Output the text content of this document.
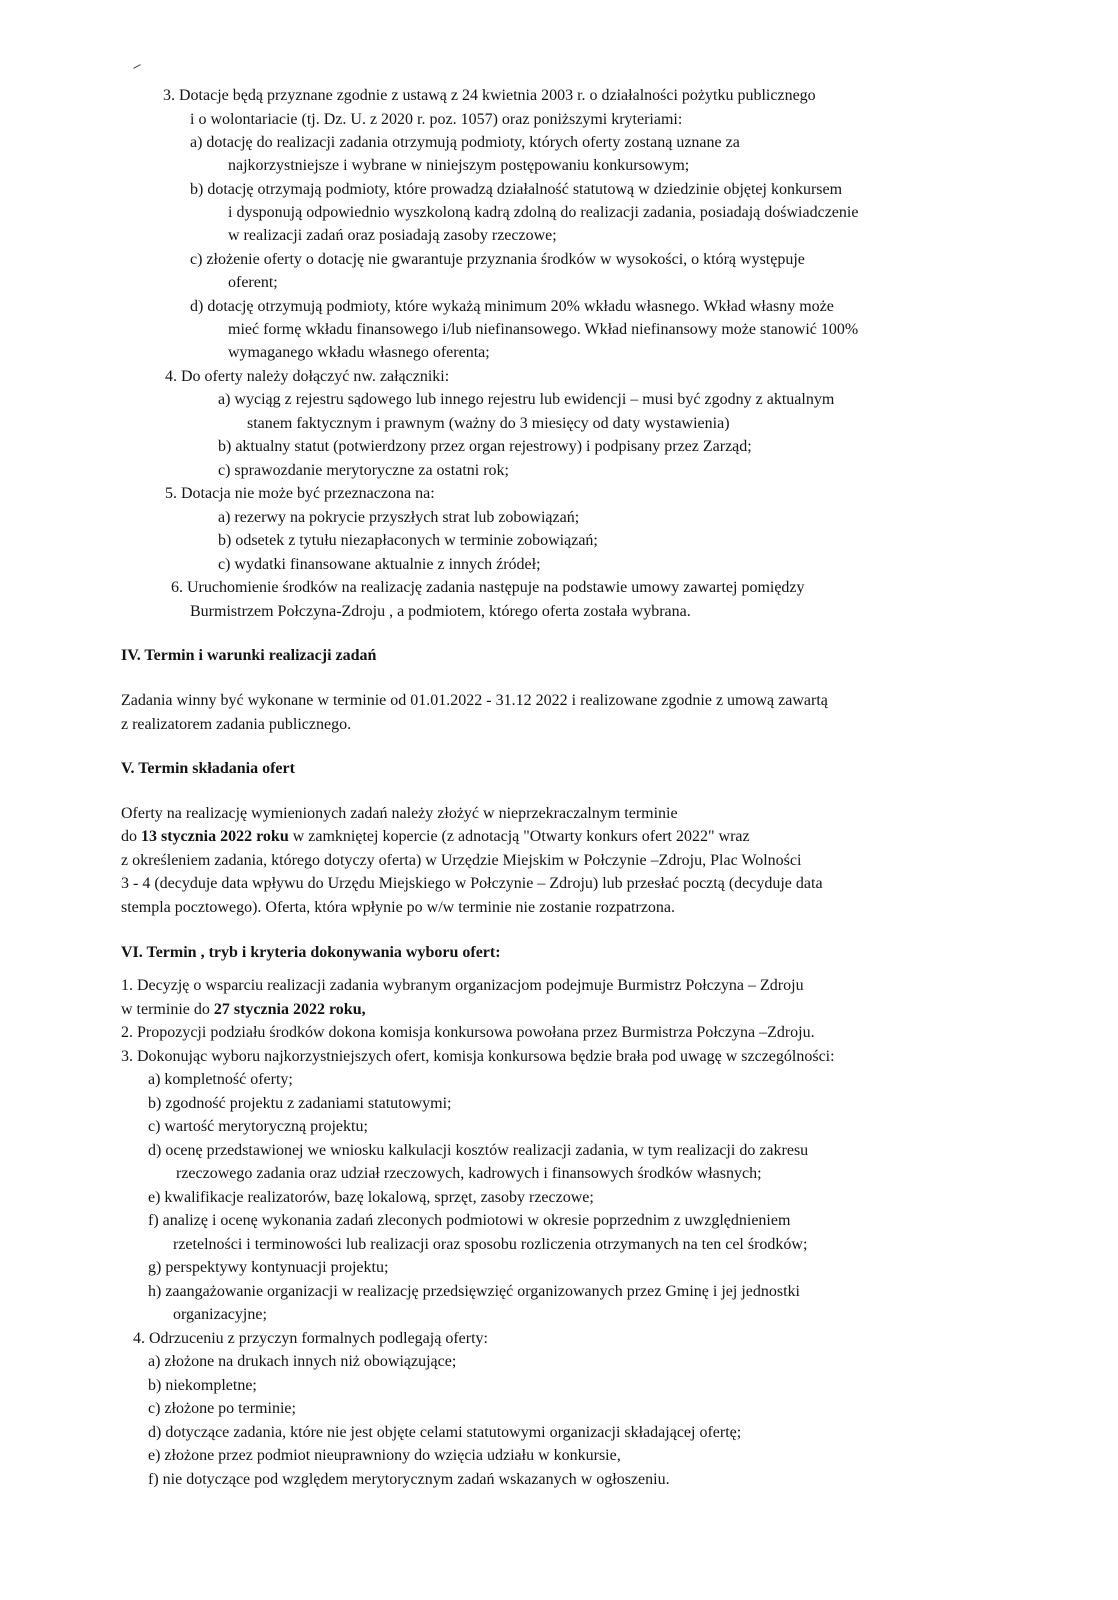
3. Dotacje będą przyznane zgodnie z ustawą z 24 kwietnia 2003 r. o działalności pożytku publicznego
i o wolontariacie (tj. Dz. U. z 2020 r. poz. 1057) oraz poniższymi kryteriami:
a) dotację do realizacji zadania otrzymują podmioty, których oferty zostaną uznane za
najkorzystniejsze i wybrane w niniejszym postępowaniu konkursowym;
b) dotację otrzymają podmioty, które prowadzą działalność statutową w dziedzinie objętej konkursem
i dysponują odpowiednio wyszkoloną kadrą zdolną do realizacji zadania, posiadają doświadczenie
w realizacji zadań oraz posiadają zasoby rzeczowe;
c) złożenie oferty o dotację nie gwarantuje przyznania środków w wysokości, o którą występuje
oferent;
d) dotację otrzymują podmioty, które wykażą minimum 20% wkładu własnego. Wkład własny może
mieć formę wkładu finansowego i/lub niefinansowego. Wkład niefinansowy może stanowić 100%
wymaganego wkładu własnego oferenta;
4. Do oferty należy dołączyć nw. załączniki:
a) wyciąg z rejestru sądowego lub innego rejestru lub ewidencji – musi być zgodny z aktualnym
stanem faktycznym i prawnym (ważny do 3 miesięcy od daty wystawienia)
b) aktualny statut (potwierdzony przez organ rejestrowy) i podpisany przez Zarząd;
c) sprawozdanie merytoryczne za ostatni rok;
5. Dotacja nie może być przeznaczona na:
a) rezerwy na pokrycie przyszłych strat lub zobowiązań;
b) odsetek z tytułu niezapłaconych w terminie zobowiązań;
c) wydatki finansowane aktualnie z innych źródeł;
6. Uruchomienie środków na realizację zadania następuje na podstawie umowy zawartej pomiędzy
Burmistrzem Połczyna-Zdroju , a podmiotem, którego oferta została wybrana.
IV. Termin i warunki realizacji zadań
Zadania winny być wykonane w terminie od 01.01.2022 - 31.12 2022 i realizowane zgodnie z umową zawartą
z realizatorem zadania publicznego.
V. Termin składania ofert
Oferty na realizację wymienionych zadań należy złożyć w nieprzekraczalnym terminie
do 13 stycznia 2022 roku w zamkniętej kopercie (z adnotacją "Otwarty konkurs ofert 2022" wraz
z określeniem zadania, którego dotyczy oferta) w Urzędzie Miejskim w Połczynie –Zdroju, Plac Wolności
3 - 4 (decyduje data wpływu do Urzędu Miejskiego w Połczynie – Zdroju) lub przesłać pocztą (decyduje data
stempla pocztowego). Oferta, która wpłynie po w/w terminie nie zostanie rozpatrzona.
VI. Termin , tryb i kryteria dokonywania wyboru ofert:
1. Decyzję o wsparciu realizacji zadania wybranym organizacjom podejmuje Burmistrz Połczyna – Zdroju
w terminie do 27 stycznia 2022 roku,
2. Propozycji podziału środków dokona komisja konkursowa powołana przez Burmistrza Połczyna –Zdroju.
3. Dokonując wyboru najkorzystniejszych ofert, komisja konkursowa będzie brała pod uwagę w szczególności:
a) kompletność oferty;
b) zgodność projektu z zadaniami statutowymi;
c) wartość merytoryczną projektu;
d) ocenę przedstawionej we wniosku kalkulacji kosztów realizacji zadania, w tym realizacji do zakresu
rzeczowego zadania oraz udział rzeczowych, kadrowych i finansowych środków własnych;
e) kwalifikacje realizatorów, bazę lokalową, sprzęt, zasoby rzeczowe;
f) analizę i ocenę wykonania zadań zleconych podmiotowi w okresie poprzednim z uwzględnieniem
rzetelności i terminowości lub realizacji oraz sposobu rozliczenia otrzymanych na ten cel środków;
g) perspektywy kontynuacji projektu;
h) zaangażowanie organizacji w realizację przedsięwzięć organizowanych przez Gminę i jej jednostki
organizacyjne;
4. Odrzuceniu z przyczyn formalnych podlegają oferty:
a) złożone na drukach innych niż obowiązujące;
b) niekompletne;
c) złożone po terminie;
d) dotyczące zadania, które nie jest objęte celami statutowymi organizacji składającej ofertę;
e) złożone przez podmiot nieuprawniony do wzięcia udziału w konkursie,
f) nie dotyczące pod względem merytorycznym zadań wskazanych w ogłoszeniu.
